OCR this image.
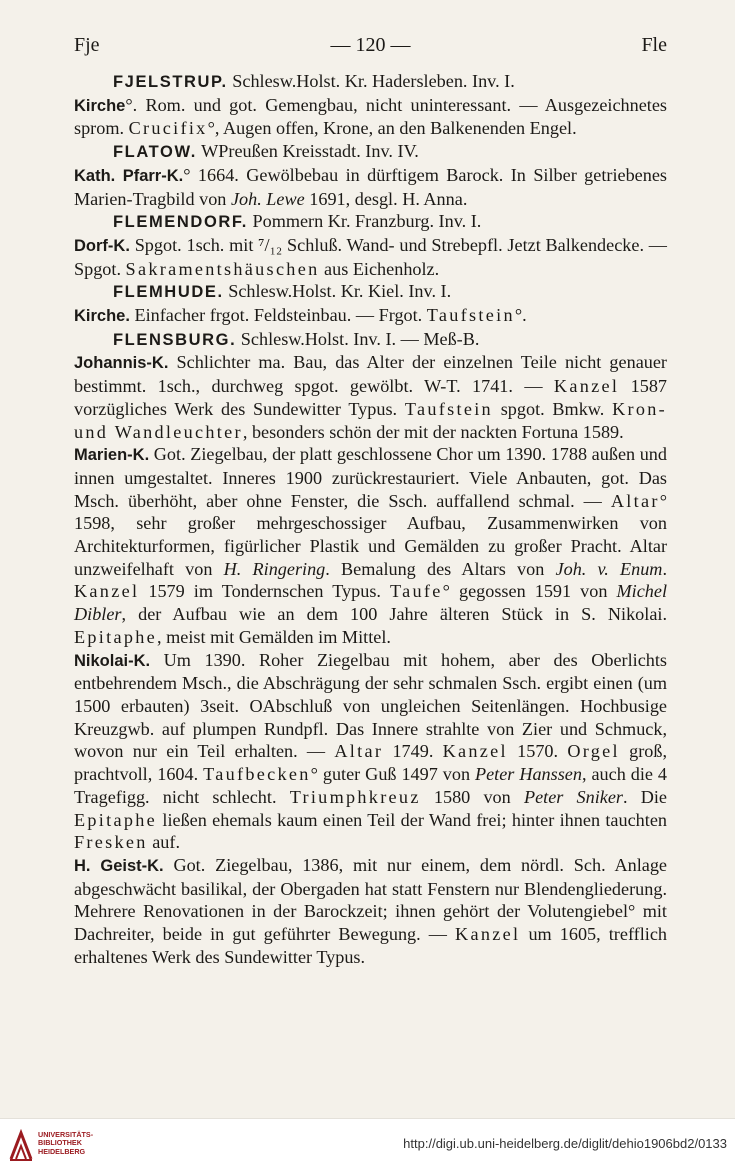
Fje	— 120 —	Fle

FJELSTRUP. Schlesw.Holst. Kr. Hadersleben. Inv. I.

Kirche°. Rom. und got. Gemengbau, nicht uninteressant. — Ausgezeichnetes sprom. Crucifix°, Augen offen, Krone, an den Balkenenden Engel.

FLATOW. WPreußen Kreisstadt. Inv. IV.

Kath. Pfarr-K.° 1664. Gewölbebau in dürftigem Barock. In Silber getriebenes Marien-Tragbild von Joh. Lewe 1691, desgl. H. Anna.

FLEMENDORF. Pommern Kr. Franzburg. Inv. I.

Dorf-K. Spgot. 1sch. mit ⁷/₁₂ Schluß. Wand- und Strebepfl. Jetzt Balkendecke. — Spgot. Sakramentshäuschen aus Eichenholz.

FLEMHUDE. Schlesw.Holst. Kr. Kiel. Inv. I.

Kirche. Einfacher frgot. Feldsteinbau. — Frgot. Taufstein°.

FLENSBURG. Schlesw.Holst. Inv. I. — Meß-B.

Johannis-K. Schlichter ma. Bau, das Alter der einzelnen Teile nicht genauer bestimmt. 1sch., durchweg spgot. gewölbt. W-T. 1741. — Kanzel 1587 vorzügliches Werk des Sundewitter Typus. Taufstein spgot. Bmkw. Kron- und Wandleuchter, besonders schön der mit der nackten Fortuna 1589.

Marien-K. Got. Ziegelbau, der platt geschlossene Chor um 1390. 1788 außen und innen umgestaltet. Inneres 1900 zurückrestauriert. Viele Anbauten, got. Das Msch. überhöht, aber ohne Fenster, die Ssch. auffallend schmal. — Altar° 1598, sehr großer mehrgeschossiger Aufbau, Zusammenwirken von Architekturformen, figürlicher Plastik und Gemälden zu großer Pracht. Altar unzweifelhaft von H. Ringering. Bemalung des Altars von Joh. v. Enum. Kanzel 1579 im Tondernschen Typus. Taufe° gegossen 1591 von Michel Dibler, der Aufbau wie an dem 100 Jahre älteren Stück in S. Nikolai. Epitaphe, meist mit Gemälden im Mittel.

Nikolai-K. Um 1390. Roher Ziegelbau mit hohem, aber des Oberlichts entbehrendem Msch., die Abschrägung der sehr schmalen Ssch. ergibt einen (um 1500 erbauten) 3seit. OAbschluß von ungleichen Seitenlängen. Hochbusige Kreuzgwb. auf plumpen Rundpfl. Das Innere strahlte von Zier und Schmuck, wovon nur ein Teil erhalten. — Altar 1749. Kanzel 1570. Orgel groß, prachtvoll, 1604. Taufbecken° guter Guß 1497 von Peter Hanssen, auch die 4 Tragefigg. nicht schlecht. Triumphkreuz 1580 von Peter Sniker. Die Epitaphe ließen ehemals kaum einen Teil der Wand frei; hinter ihnen tauchten Fresken auf.

H. Geist-K. Got. Ziegelbau, 1386, mit nur einem, dem nördl. Sch. Anlage abgeschwächt basilikal, der Obergaden hat statt Fenstern nur Blendengliederung. Mehrere Renovationen in der Barockzeit; ihnen gehört der Volutengiebel° mit Dachreiter, beide in gut geführter Bewegung. — Kanzel um 1605, trefflich erhaltenes Werk des Sundewitter Typus.

UNIVERSITÄTS-
BIBLIOTHEK
HEIDELBERG
http://digi.ub.uni-heidelberg.de/diglit/dehio1906bd2/0133
